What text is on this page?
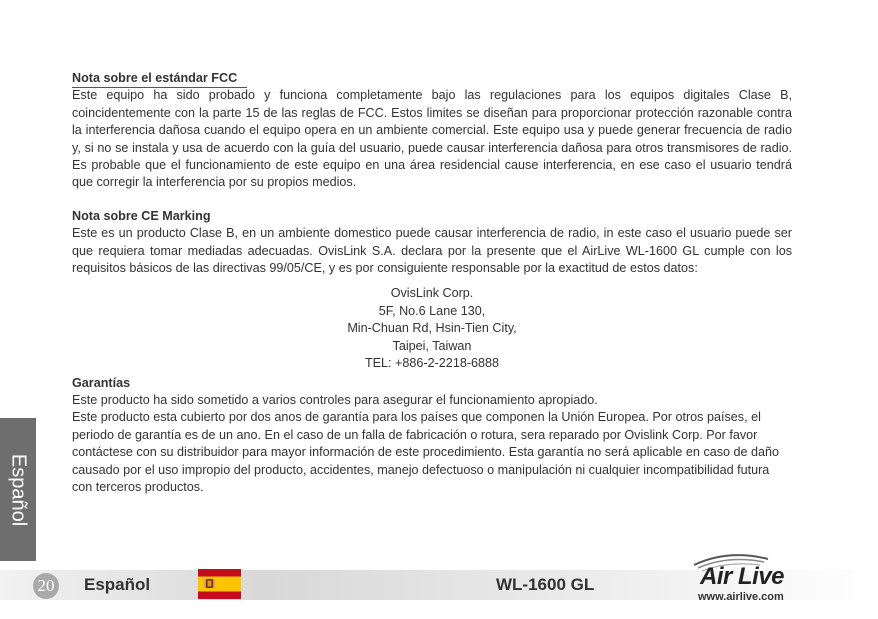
Nota sobre el estándar FCC

Este equipo ha sido probado y funciona completamente bajo las regulaciones para los equipos digitales Clase B, coincidentemente con la parte 15 de las reglas de FCC. Estos limites se diseñan para proporcionar protección razonable contra la interferencia dañosa cuando el equipo opera en un ambiente comercial. Este equipo usa y puede generar frecuencia de radio y, si no se instala y usa de acuerdo con la guía del usuario, puede causar interferencia dañosa para otros transmisores de radio. Es probable que el funcionamiento de este equipo en una área residencial cause interferencia, en ese caso el usuario tendrá que corregir la interferencia por su propios medios.

Nota sobre CE Marking

Este es un producto Clase B, en un ambiente domestico puede causar interferencia de radio, in este caso el usuario puede ser que requiera tomar mediadas adecuadas. OvisLink S.A. declara por la presente que el AirLive WL-1600 GL cumple con los requisitos básicos de las directivas 99/05/CE, y es por consiguiente responsable por la exactitud de estos datos:

OvisLink Corp.
5F, No.6 Lane 130,
Min-Chuan Rd, Hsin-Tien City,
Taipei, Taiwan
TEL: +886-2-2218-6888

Garantías

Este producto ha sido sometido a varios controles para asegurar el funcionamiento apropiado.

Este producto esta cubierto por dos anos de garantía para los países que componen la Unión Europea. Por otros países, el periodo de garantía es de un ano. En el caso de un falla de fabricación o rotura, sera reparado por Ovislink Corp. Por favor contáctese con su distribuidor para mayor información de este procedimiento. Esta garantía no será aplicable en caso de daño causado por el uso impropio del producto, accidentes, manejo defectuoso o manipulación ni cualquier incompatibilidad futura con terceros productos.

Español
20 Español	WL-1600 GL	Air Live
www.airlive.com
